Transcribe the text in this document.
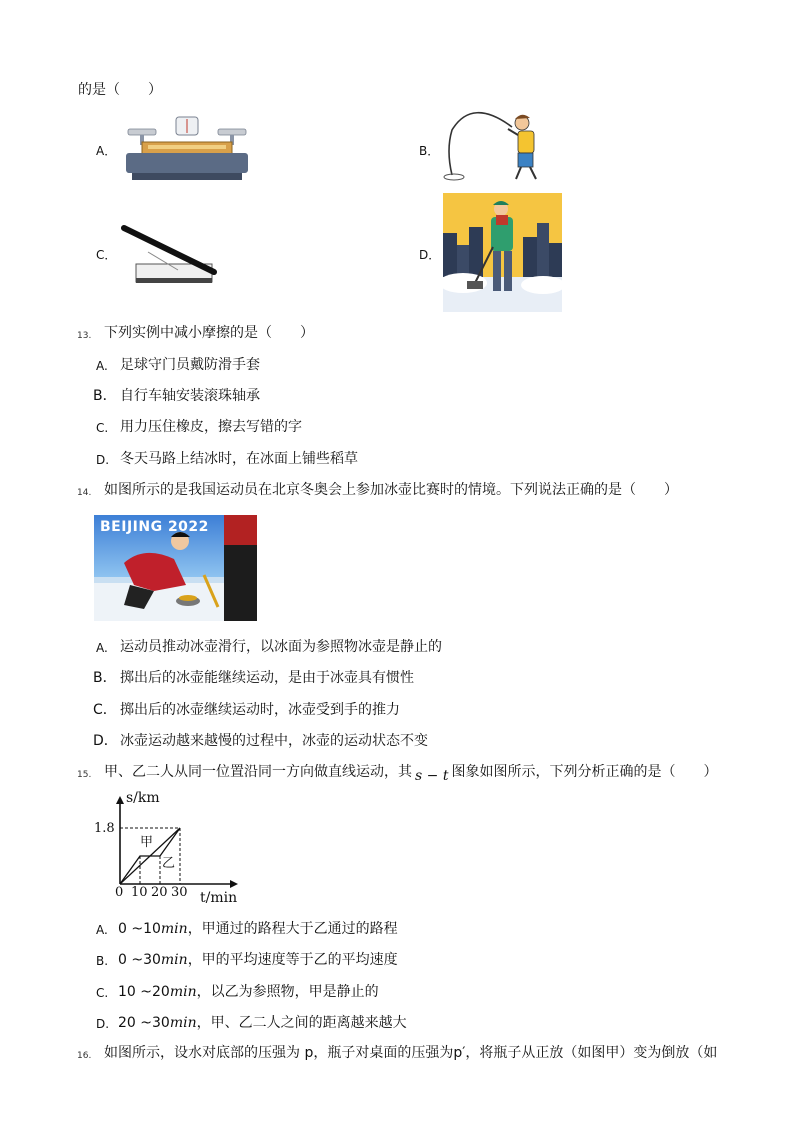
的是（　　）
A．	B．
C．	D．
13. 下列实例中减小摩擦的是（　　）
A. 足球守门员戴防滑手套
B． 自行车轴安装滚珠轴承
C. 用力压住橡皮，擦去写错的字
D. 冬天马路上结冰时，在冰面上铺些稻草
14. 如图所示的是我国运动员在北京冬奥会上参加冰壶比赛时的情境。下列说法正确的是（　　）
BEIJING 2022
A. 运动员推动冰壶滑行，以冰面为参照物冰壶是静止的
B． 掷出后的冰壶能继续运动，是由于冰壶具有惯性
C． 掷出后的冰壶继续运动时，冰壶受到手的推力
D． 冰壶运动越来越慢的过程中，冰壶的运动状态不变
15. 甲、乙二人从同一位置沿同一方向做直线运动，其 s − t 图象如图所示，下列分析正确的是（　　）
s/km
t/min
1.8
0 10 20 30
甲
乙
A. 0 ~10min，甲通过的路程大于乙通过的路程
B. 0 ~30min，甲的平均速度等于乙的平均速度
C. 10 ~20min，以乙为参照物，甲是静止的
D. 20 ~30min，甲、乙二人之间的距离越来越大
16. 如图所示，设水对底部的压强为 p，瓶子对桌面的压强为p′，将瓶子从正放（如图甲）变为倒放（如
